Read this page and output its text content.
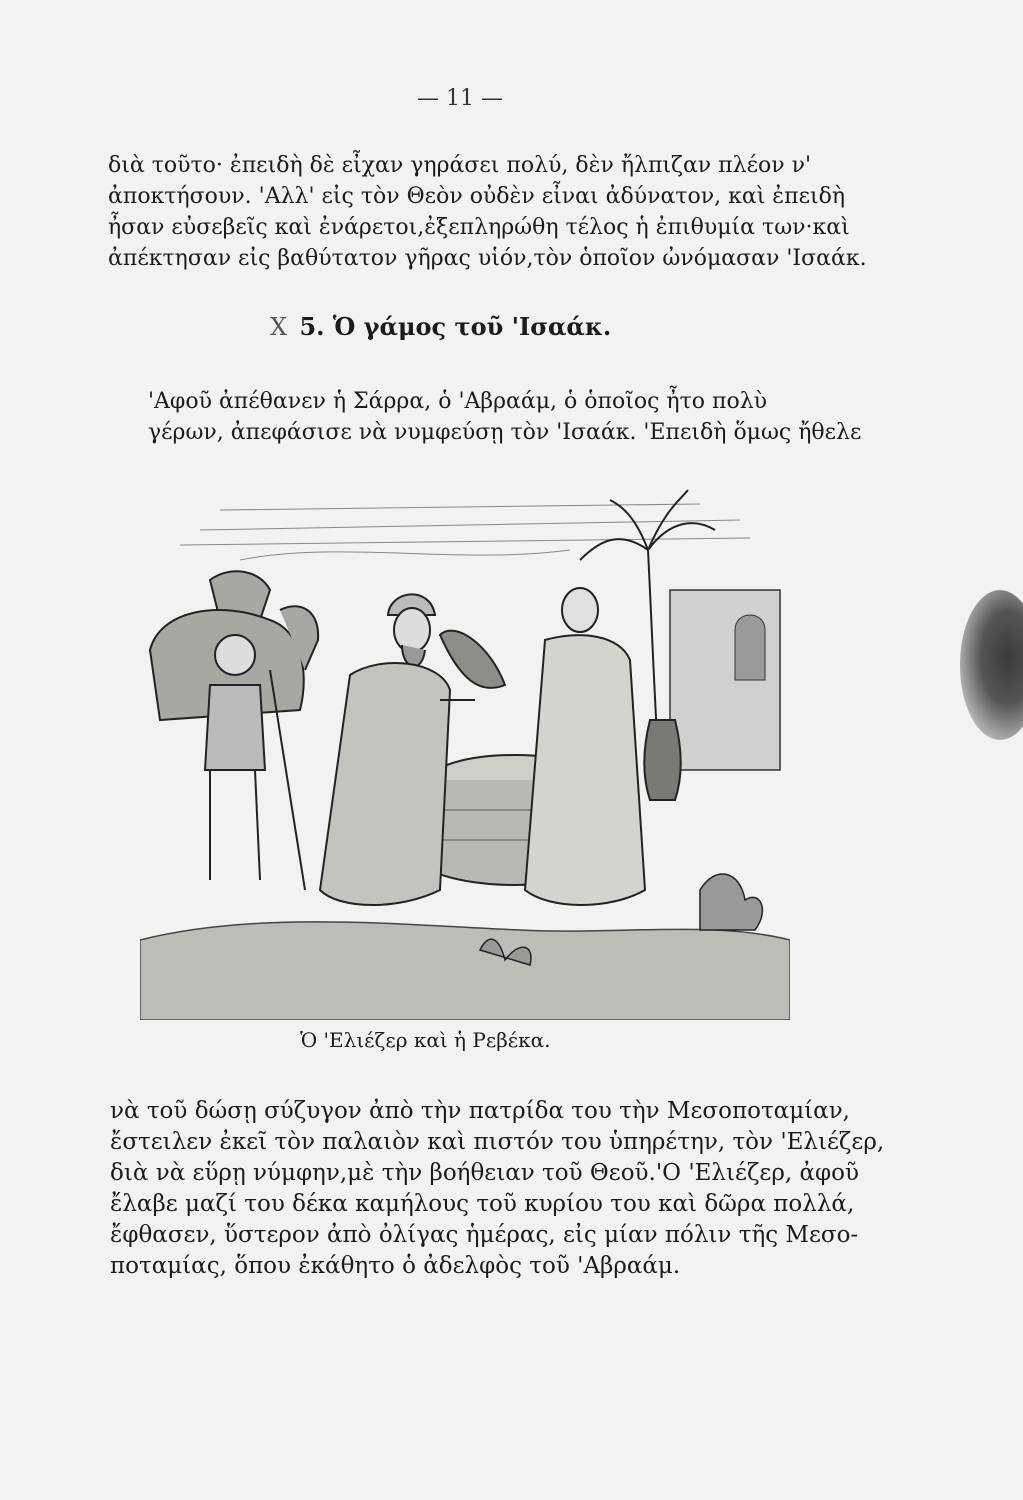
— 11 —

διὰ τοῦτο· ἐπειδὴ δὲ εἶχαν γηράσει πολύ, δὲν ἤλπιζαν πλέον ν'
ἀποκτήσουν. 'Αλλ' εἰς τὸν Θεὸν οὐδὲν εἶναι ἀδύνατον, καὶ ἐπειδὴ
ἦσαν εὐσεβεῖς καὶ ἐνάρετοι,ἐξεπληρώθη τέλος ἡ ἐπιθυμία των·καὶ
ἀπέκτησαν εἰς βαθύτατον γῆρας υἱόν,τὸν ὁποῖον ὠνόμασαν 'Ισαάκ.

X 5. Ὁ γάμος τοῦ 'Ισαάκ.

'Αφοῦ ἀπέθανεν ἡ Σάρρα, ὁ 'Αβραάμ, ὁ ὁποῖος ἦτο πολὺ
γέρων, ἀπεφάσισε νὰ νυμφεύσῃ τὸν 'Ισαάκ. 'Επειδὴ ὅμως ἤθελε

Ὁ 'Ελιέζερ καὶ ἡ Ρεβέκα.

νὰ τοῦ δώσῃ σύζυγον ἀπὸ τὴν πατρίδα του τὴν Μεσοποταμίαν,
ἔστειλεν ἐκεῖ τὸν παλαιὸν καὶ πιστόν του ὑπηρέτην, τὸν 'Ελιέζερ,
διὰ νὰ εὕρῃ νύμφην,μὲ τὴν βοήθειαν τοῦ Θεοῦ.'Ο 'Ελιέζερ, ἀφοῦ
ἔλαβε μαζί του δέκα καμήλους τοῦ κυρίου του καὶ δῶρα πολλά,
ἔφθασεν, ὕστερον ἀπὸ ὀλίγας ἡμέρας, εἰς μίαν πόλιν τῆς Μεσο-
ποταμίας, ὅπου ἐκάθητο ὁ ἀδελφὸς τοῦ 'Αβραάμ.
